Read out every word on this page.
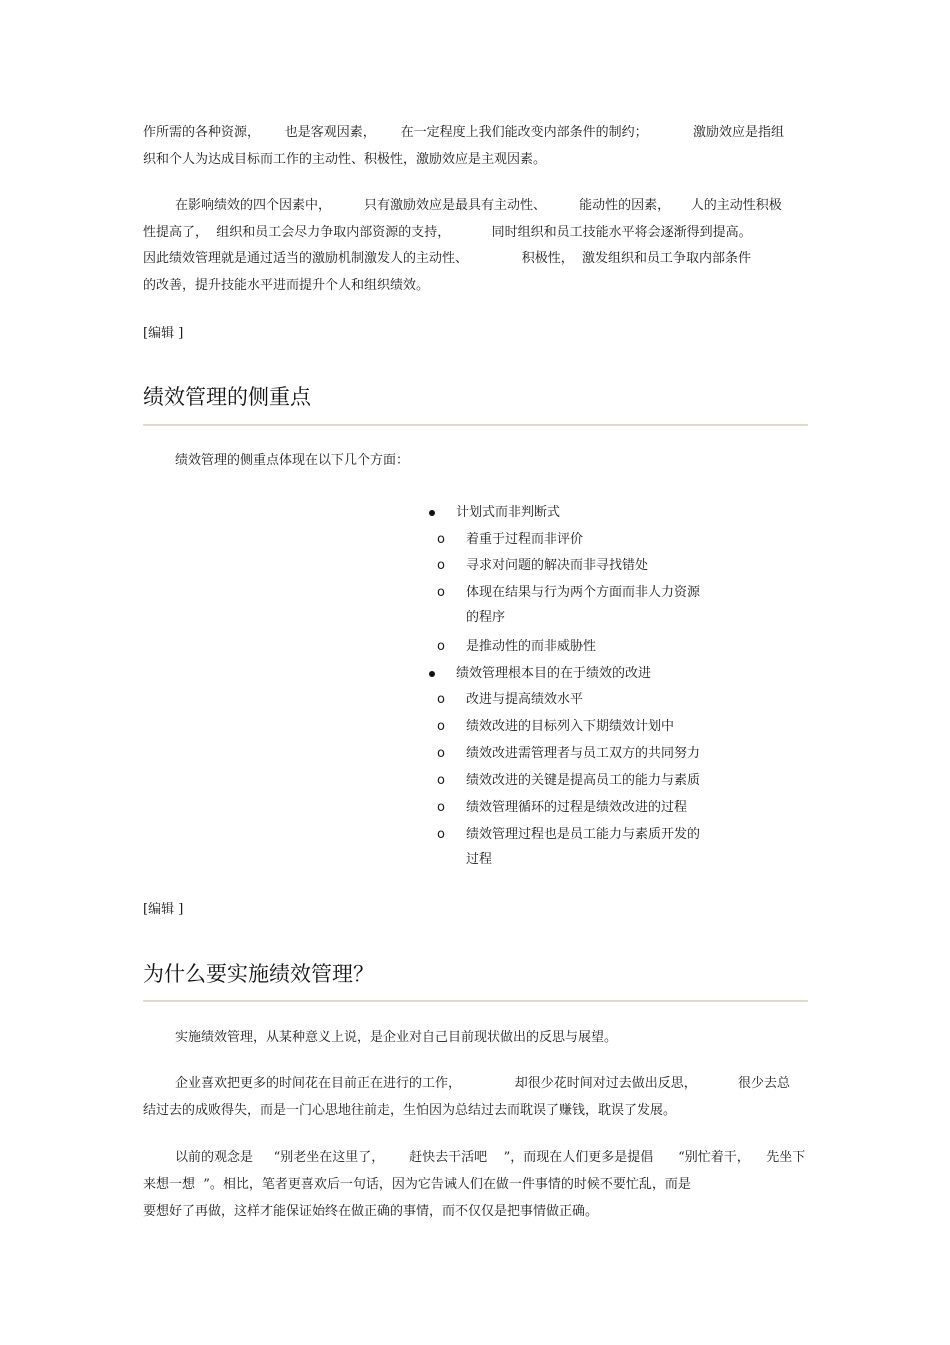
作所需的各种资源，      也是客观因素，      在一定程度上我们能改变内部条件的制约；           激励效应是指组
织和个人为达成目标而工作的主动性、积极性，激励效应是主观因素。
在影响绩效的四个因素中，        只有激励效应是最具有主动性、        能动性的因素，     人的主动性积极
性提高了，  组织和员工会尽力争取内部资源的支持，          同时组织和员工技能水平将会逐渐得到提高。
因此绩效管理就是通过适当的激励机制激发人的主动性、             积极性，  激发组织和员工争取内部条件
的改善，提升技能水平进而提升个人和组织绩效。
[编辑 ]
绩效管理的侧重点
绩效管理的侧重点体现在以下几个方面：
计划式而非判断式
o 着重于过程而非评价
o 寻求对问题的解决而非寻找错处
o 体现在结果与行为两个方面而非人力资源
的程序
o 是推动性的而非威胁性
绩效管理根本目的在于绩效的改进
o 改进与提高绩效水平
o 绩效改进的目标列入下期绩效计划中
o 绩效改进需管理者与员工双方的共同努力
o 绩效改进的关键是提高员工的能力与素质
o 绩效管理循环的过程是绩效改进的过程
o 绩效管理过程也是员工能力与素质开发的
过程
[编辑 ]
为什么要实施绩效管理？
实施绩效管理，从某种意义上说，是企业对自己目前现状做出的反思与展望。
企业喜欢把更多的时间花在目前正在进行的工作，             却很少花时间对过去做出反思，          很少去总
结过去的成败得失，而是一门心思地往前走，生怕因为总结过去而耽误了赚钱，耽误了发展。
以前的观念是     “别老坐在这里了，      赶快去干活吧    ”，而现在人们更多是提倡      “别忙着干，    先坐下
来想一想  ”。相比，笔者更喜欢后一句话，因为它告诫人们在做一件事情的时候不要忙乱，而是
要想好了再做，这样才能保证始终在做正确的事情，而不仅仅是把事情做正确。
